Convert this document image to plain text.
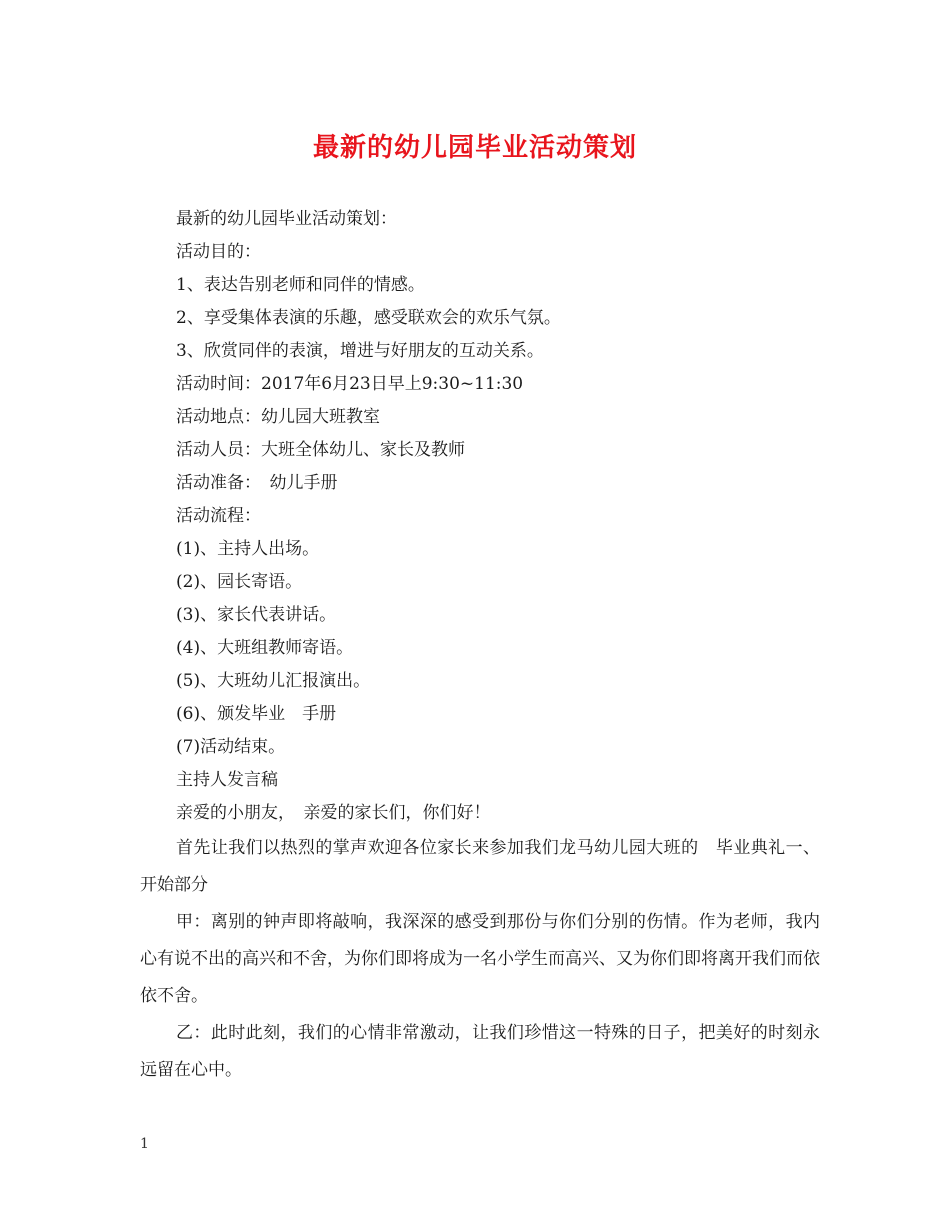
最新的幼儿园毕业活动策划

最新的幼儿园毕业活动策划：

活动目的：

1、表达告别老师和同伴的情感。

2、享受集体表演的乐趣，感受联欢会的欢乐气氛。

3、欣赏同伴的表演，增进与好朋友的互动关系。

活动时间：2017年6月23日早上9:30~11:30

活动地点：幼儿园大班教室

活动人员：大班全体幼儿、家长及教师

活动准备：　幼儿手册

活动流程：

(1)、主持人出场。

(2)、园长寄语。

(3)、家长代表讲话。

(4)、大班组教师寄语。

(5)、大班幼儿汇报演出。

(6)、颁发毕业　手册

(7)活动结束。

主持人发言稿

亲爱的小朋友，　亲爱的家长们，你们好！

首先让我们以热烈的掌声欢迎各位家长来参加我们龙马幼儿园大班的　毕业典礼一、开始部分

甲：离别的钟声即将敲响，我深深的感受到那份与你们分别的伤情。作为老师，我内心有说不出的高兴和不舍，为你们即将成为一名小学生而高兴、又为你们即将离开我们而依依不舍。

乙：此时此刻，我们的心情非常激动，让我们珍惜这一特殊的日子，把美好的时刻永远留在心中。

1
